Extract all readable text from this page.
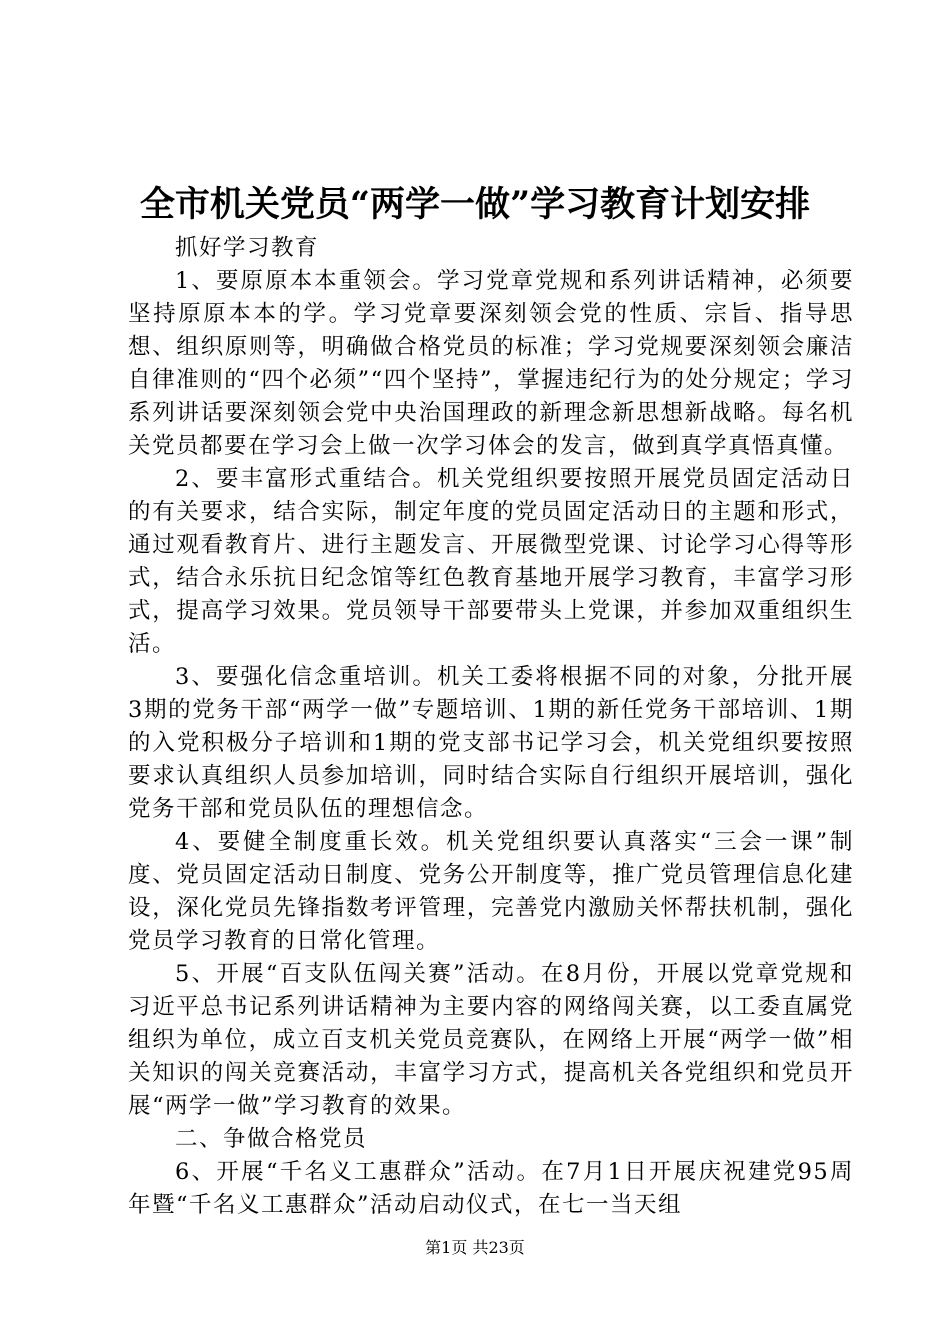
全市机关党员“两学一做”学习教育计划安排

抓好学习教育

1、要原原本本重领会。学习党章党规和系列讲话精神，必须要坚持原原本本的学。学习党章要深刻领会党的性质、宗旨、指导思想、组织原则等，明确做合格党员的标准；学习党规要深刻领会廉洁自律准则的“四个必须”“四个坚持”，掌握违纪行为的处分规定；学习系列讲话要深刻领会党中央治国理政的新理念新思想新战略。每名机关党员都要在学习会上做一次学习体会的发言，做到真学真悟真懂。

2、要丰富形式重结合。机关党组织要按照开展党员固定活动日的有关要求，结合实际，制定年度的党员固定活动日的主题和形式，通过观看教育片、进行主题发言、开展微型党课、讨论学习心得等形式，结合永乐抗日纪念馆等红色教育基地开展学习教育，丰富学习形式，提高学习效果。党员领导干部要带头上党课，并参加双重组织生活。

3、要强化信念重培训。机关工委将根据不同的对象，分批开展3期的党务干部“两学一做”专题培训、1期的新任党务干部培训、1期的入党积极分子培训和1期的党支部书记学习会，机关党组织要按照要求认真组织人员参加培训，同时结合实际自行组织开展培训，强化党务干部和党员队伍的理想信念。

4、要健全制度重长效。机关党组织要认真落实“三会一课”制度、党员固定活动日制度、党务公开制度等，推广党员管理信息化建设，深化党员先锋指数考评管理，完善党内激励关怀帮扶机制，强化党员学习教育的日常化管理。

5、开展“百支队伍闯关赛”活动。在8月份，开展以党章党规和习近平总书记系列讲话精神为主要内容的网络闯关赛，以工委直属党组织为单位，成立百支机关党员竞赛队，在网络上开展“两学一做”相关知识的闯关竞赛活动，丰富学习方式，提高机关各党组织和党员开展“两学一做”学习教育的效果。

二、争做合格党员

6、开展“千名义工惠群众”活动。在7月1日开展庆祝建党95周年暨“千名义工惠群众”活动启动仪式，在七一当天组

第1页 共23页
